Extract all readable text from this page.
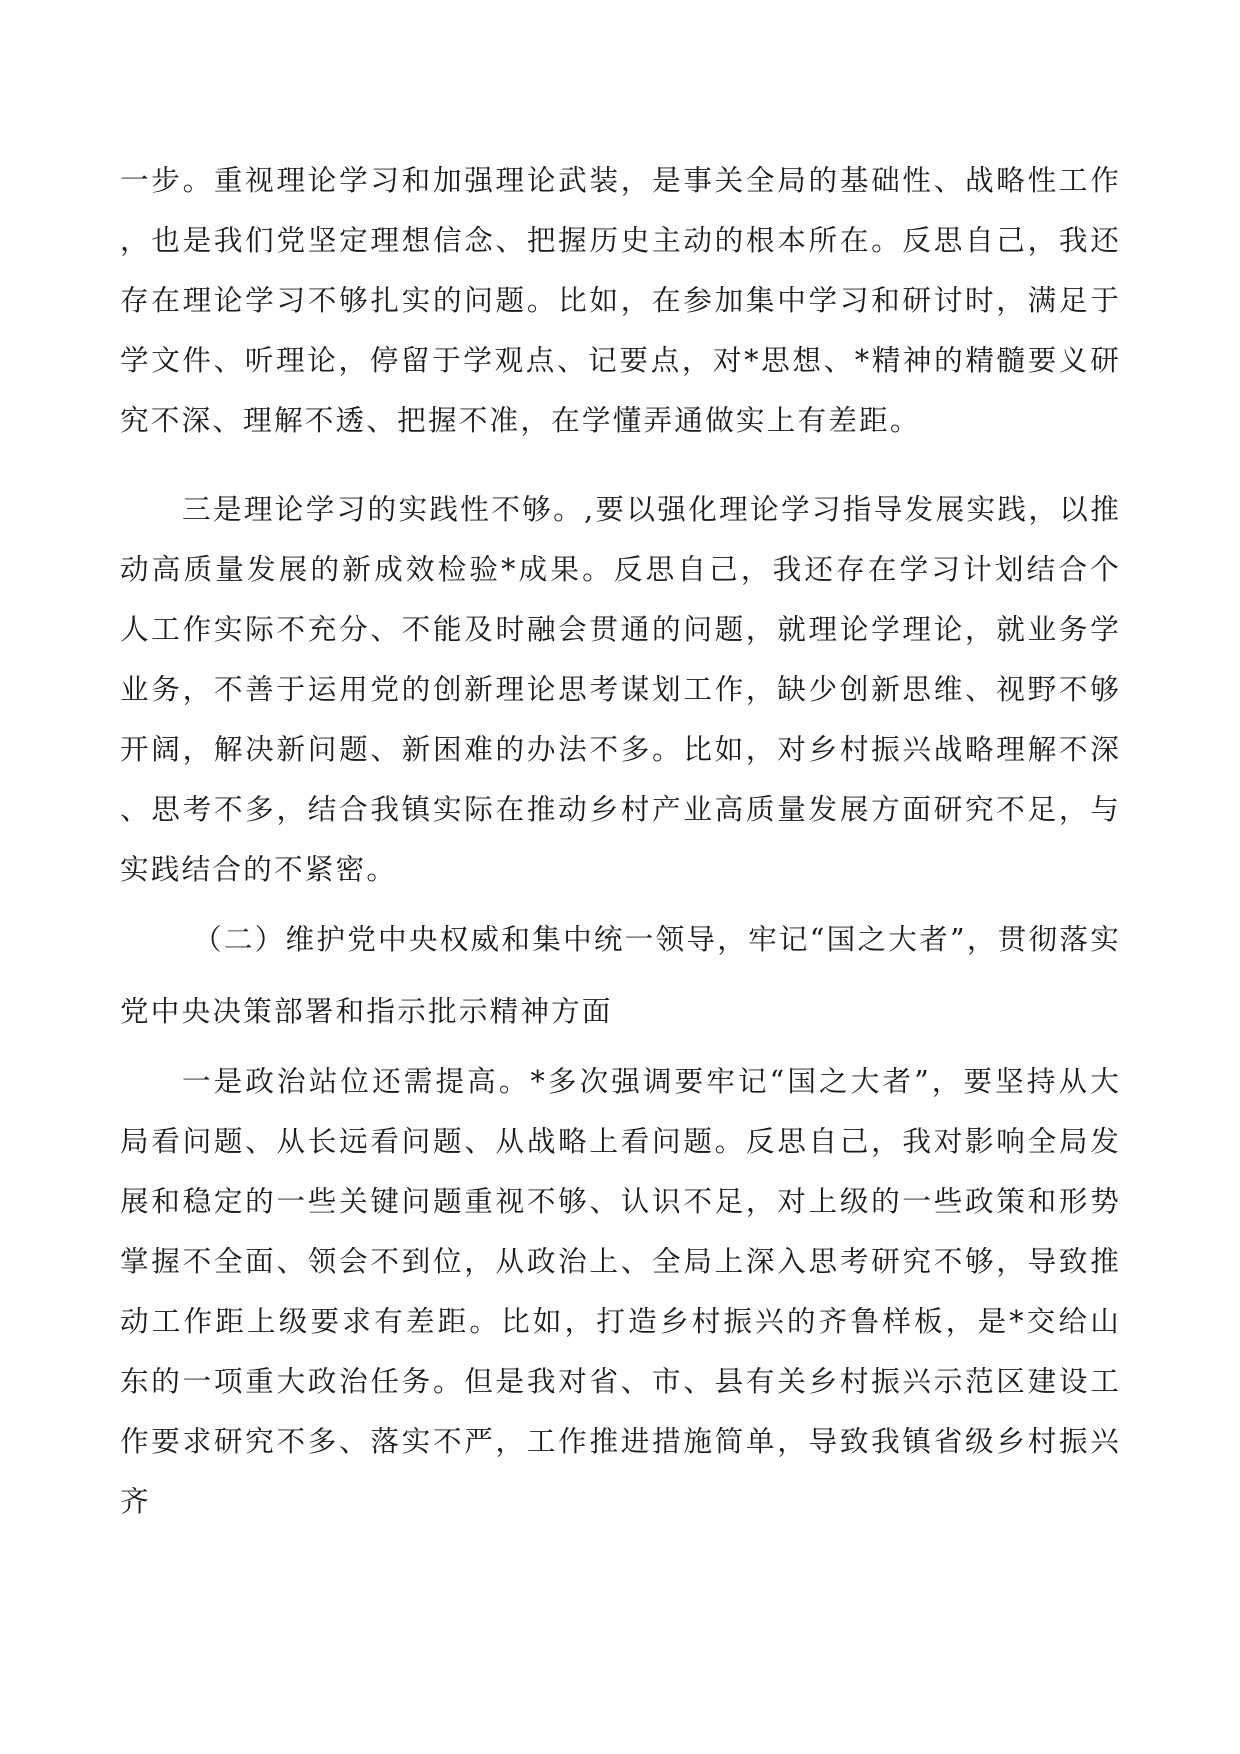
一步。重视理论学习和加强理论武装，是事关全局的基础性、战略性工作，也是我们党坚定理想信念、把握历史主动的根本所在。反思自己，我还存在理论学习不够扎实的问题。比如，在参加集中学习和研讨时，满足于学文件、听理论，停留于学观点、记要点，对*思想、*精神的精髓要义研究不深、理解不透、把握不准，在学懂弄通做实上有差距。

三是理论学习的实践性不够。,要以强化理论学习指导发展实践，以推动高质量发展的新成效检验*成果。反思自己，我还存在学习计划结合个人工作实际不充分、不能及时融会贯通的问题，就理论学理论，就业务学业务，不善于运用党的创新理论思考谋划工作，缺少创新思维、视野不够开阔，解决新问题、新困难的办法不多。比如，对乡村振兴战略理解不深、思考不多，结合我镇实际在推动乡村产业高质量发展方面研究不足，与实践结合的不紧密。

（二）维护党中央权威和集中统一领导，牢记“国之大者”，贯彻落实党中央决策部署和指示批示精神方面

一是政治站位还需提高。*多次强调要牢记“国之大者”，要坚持从大局看问题、从长远看问题、从战略上看问题。反思自己，我对影响全局发展和稳定的一些关键问题重视不够、认识不足，对上级的一些政策和形势掌握不全面、领会不到位，从政治上、全局上深入思考研究不够，导致推动工作距上级要求有差距。比如，打造乡村振兴的齐鲁样板，是*交给山东的一项重大政治任务。但是我对省、市、县有关乡村振兴示范区建设工作要求研究不多、落实不严，工作推进措施简单，导致我镇省级乡村振兴齐
